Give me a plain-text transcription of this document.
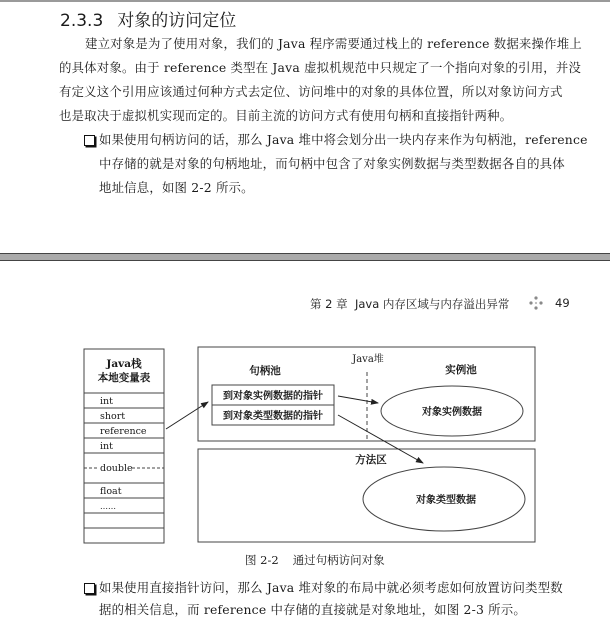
2.3.3 对象的访问定位
建立对象是为了使用对象，我们的 Java 程序需要通过栈上的 reference 数据来操作堆上
的具体对象。由于 reference 类型在 Java 虚拟机规范中只规定了一个指向对象的引用，并没
有定义这个引用应该通过何种方式去定位、访问堆中的对象的具体位置，所以对象访问方式
也是取决于虚拟机实现而定的。目前主流的访问方式有使用句柄和直接指针两种。
如果使用句柄访问的话，那么 Java 堆中将会划分出一块内存来作为句柄池，reference
中存储的就是对象的句柄地址，而句柄中包含了对象实例数据与类型数据各自的具体
地址信息，如图 2-2 所示。
第 2 章 Java 内存区域与内存溢出异常	49
Java栈
本地变量表
int
short
reference
int
double
float
……
Java堆
句柄池
到对象实例数据的指针
到对象类型数据的指针
实例池
对象实例数据
方法区
对象类型数据
图 2-2 通过句柄访问对象
如果使用直接指针访问，那么 Java 堆对象的布局中就必须考虑如何放置访问类型数
据的相关信息，而 reference 中存储的直接就是对象地址，如图 2-3 所示。
